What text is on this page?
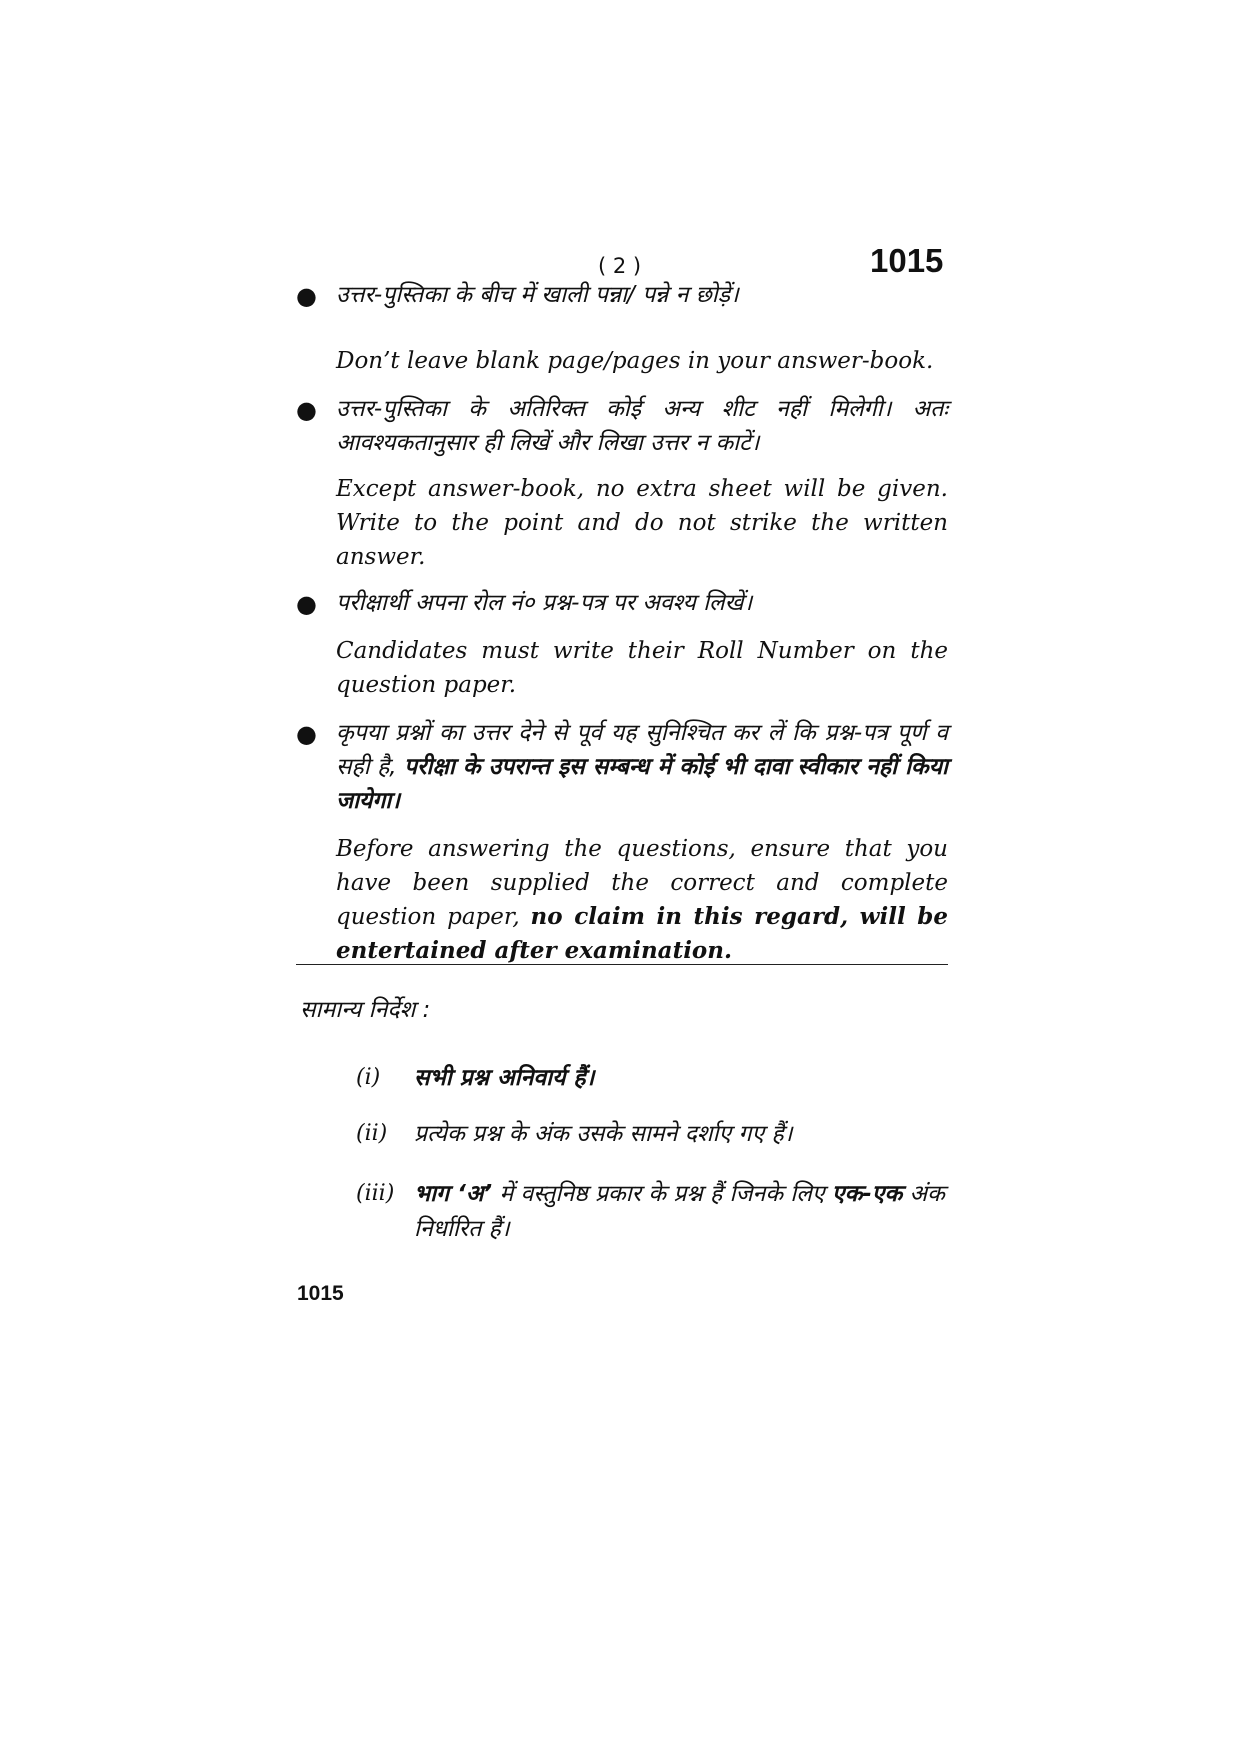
( 2 )	1015
● उत्तर-पुस्तिका के बीच में खाली पन्ना/ पन्ने न छोड़ें।
Don’t leave blank page/pages in your answer-book.
● उत्तर-पुस्तिका के अतिरिक्त कोई अन्य शीट नहीं मिलेगी। अतः आवश्यकतानुसार ही लिखें और लिखा उत्तर न काटें।
Except answer-book, no extra sheet will be given. Write to the point and do not strike the written answer.
● परीक्षार्थी अपना रोल नं० प्रश्न-पत्र पर अवश्य लिखें।
Candidates must write their Roll Number on the question paper.
● कृपया प्रश्नों का उत्तर देने से पूर्व यह सुनिश्चित कर लें कि प्रश्न-पत्र पूर्ण व सही है, परीक्षा के उपरान्त इस सम्बन्ध में कोई भी दावा स्वीकार नहीं किया जायेगा।
Before answering the questions, ensure that you have been supplied the correct and complete question paper, no claim in this regard, will be entertained after examination.
सामान्य निर्देश :
(i) सभी प्रश्न अनिवार्य हैं।
(ii) प्रत्येक प्रश्न के अंक उसके सामने दर्शाए गए हैं।
(iii) भाग ‘अ’ में वस्तुनिष्ठ प्रकार के प्रश्न हैं जिनके लिए एक-एक अंक निर्धारित हैं।
1015
